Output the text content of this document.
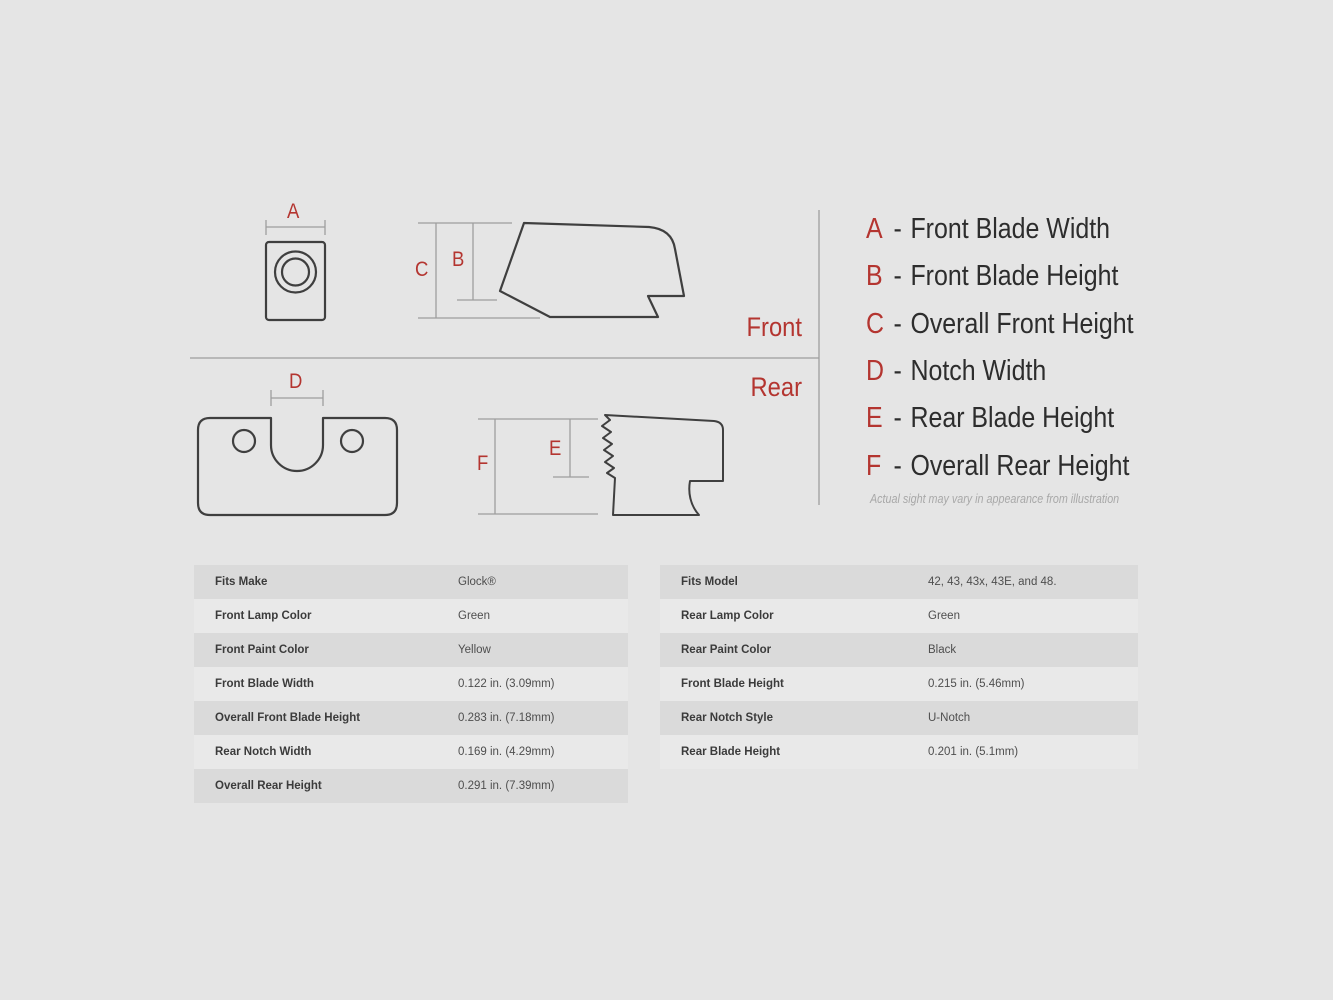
A
C B
D
F
E
Front
Rear
A - Front Blade Width
B - Front Blade Height
C - Overall Front Height
D - Notch Width
E - Rear Blade Height
F - Overall Rear Height
Actual sight may vary in appearance from illustration
Fits Make	Glock®
Front Lamp Color	Green
Front Paint Color	Yellow
Front Blade Width	0.122 in. (3.09mm)
Overall Front Blade Height	0.283 in. (7.18mm)
Rear Notch Width	0.169 in. (4.29mm)
Overall Rear Height	0.291 in. (7.39mm)
Fits Model	42, 43, 43x, 43E, and 48.
Rear Lamp Color	Green
Rear Paint Color	Black
Front Blade Height	0.215 in. (5.46mm)
Rear Notch Style	U-Notch
Rear Blade Height	0.201 in. (5.1mm)
